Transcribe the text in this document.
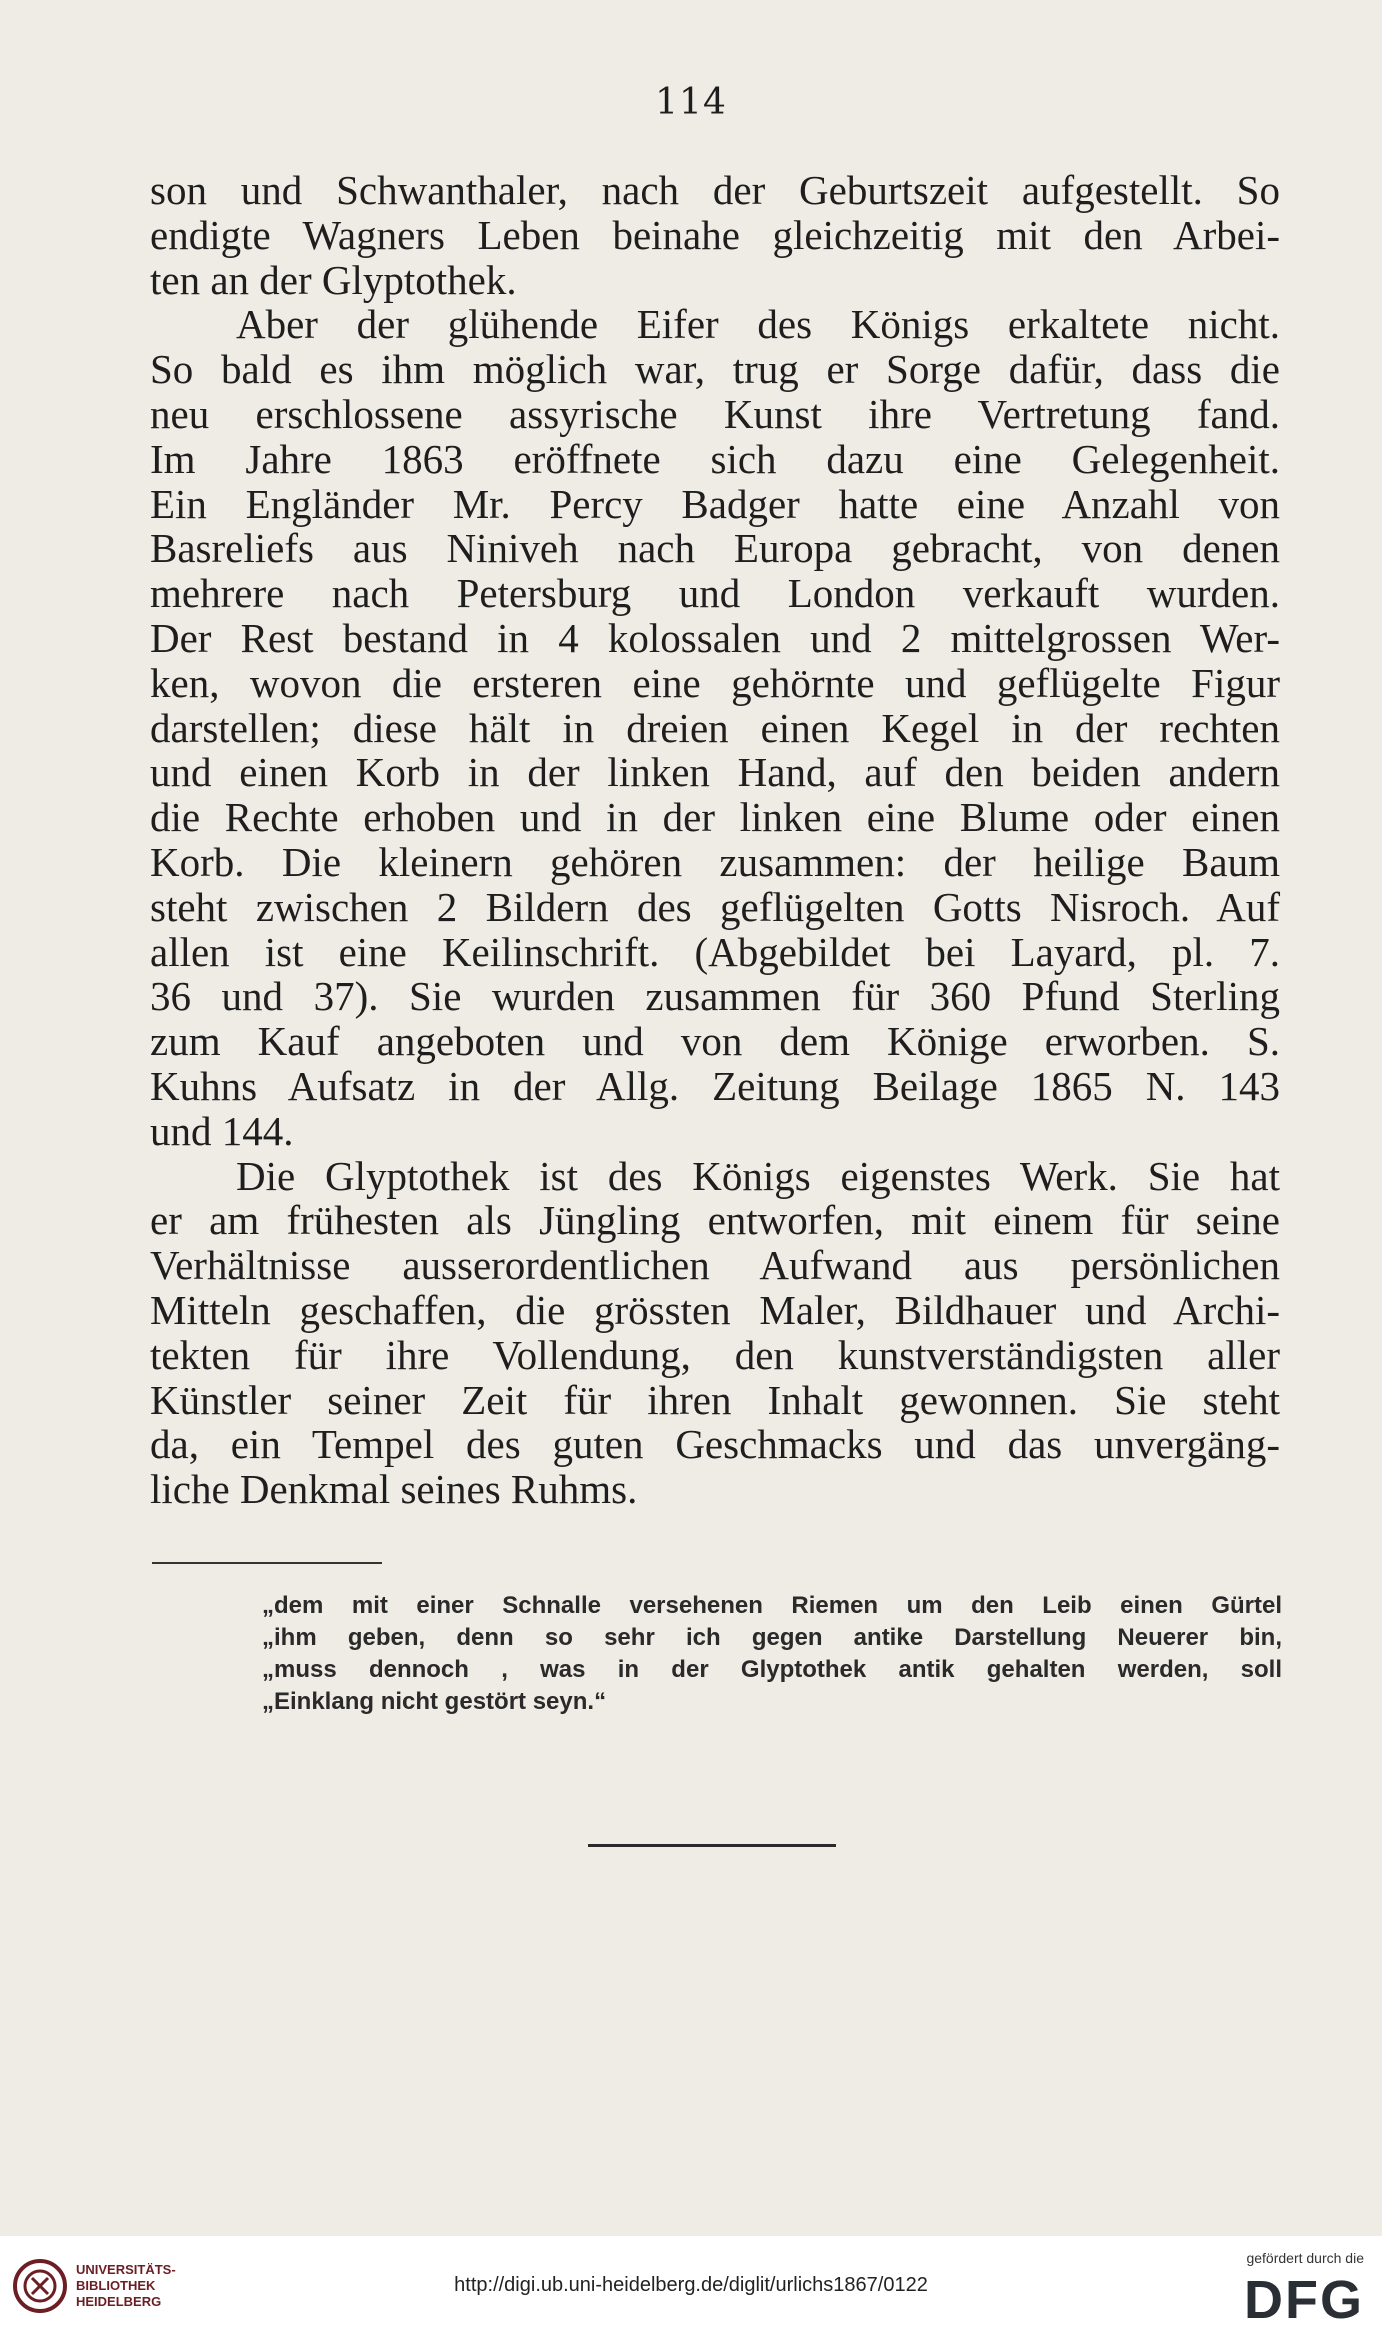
114
son und Schwanthaler, nach der Geburtszeit aufgestellt. So
endigte Wagners Leben beinahe gleichzeitig mit den Arbei-
ten an der Glyptothek.
Aber der glühende Eifer des Königs erkaltete nicht.
So bald es ihm möglich war, trug er Sorge dafür, dass die
neu erschlossene assyrische Kunst ihre Vertretung fand.
Im Jahre 1863 eröffnete sich dazu eine Gelegenheit.
Ein Engländer Mr. Percy Badger hatte eine Anzahl von
Basreliefs aus Niniveh nach Europa gebracht, von denen
mehrere nach Petersburg und London verkauft wurden.
Der Rest bestand in 4 kolossalen und 2 mittelgrossen Wer-
ken, wovon die ersteren eine gehörnte und geflügelte Figur
darstellen; diese hält in dreien einen Kegel in der rechten
und einen Korb in der linken Hand, auf den beiden andern
die Rechte erhoben und in der linken eine Blume oder einen
Korb. Die kleinern gehören zusammen: der heilige Baum
steht zwischen 2 Bildern des geflügelten Gotts Nisroch. Auf
allen ist eine Keilinschrift. (Abgebildet bei Layard, pl. 7.
36 und 37). Sie wurden zusammen für 360 Pfund Sterling
zum Kauf angeboten und von dem Könige erworben. S.
Kuhns Aufsatz in der Allg. Zeitung Beilage 1865 N. 143
und 144.
Die Glyptothek ist des Königs eigenstes Werk. Sie hat
er am frühesten als Jüngling entworfen, mit einem für seine
Verhältnisse ausserordentlichen Aufwand aus persönlichen
Mitteln geschaffen, die grössten Maler, Bildhauer und Archi-
tekten für ihre Vollendung, den kunstverständigsten aller
Künstler seiner Zeit für ihren Inhalt gewonnen. Sie steht
da, ein Tempel des guten Geschmacks und das unvergäng-
liche Denkmal seines Ruhms.
„dem mit einer Schnalle versehenen Riemen um den Leib einen Gürtel
„ihm geben, denn so sehr ich gegen antike Darstellung Neuerer bin,
„muss dennoch , was in der Glyptothek antik gehalten werden, soll
„Einklang nicht gestört seyn.“
UNIVERSITÄTS-
BIBLIOTHEK
HEIDELBERG
http://digi.ub.uni-heidelberg.de/diglit/urlichs1867/0122
gefördert durch die
DFG
